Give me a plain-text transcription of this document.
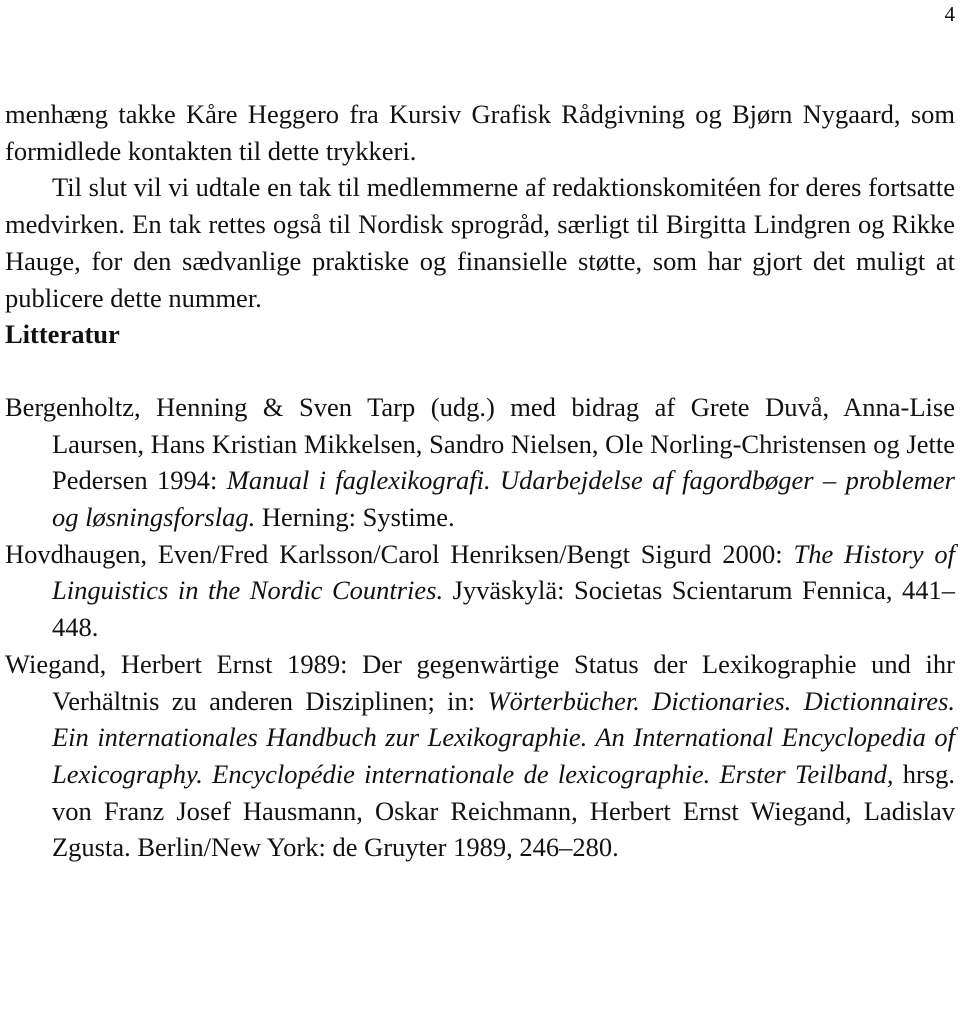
4

menhæng takke Kåre Heggero fra Kursiv Grafisk Rådgivning og Bjørn Nygaard, som formidlede kontakten til dette trykkeri.

Til slut vil vi udtale en tak til medlemmerne af redaktionskomitéen for deres fortsatte medvirken. En tak rettes også til Nordisk sprogråd, særligt til Birgitta Lindgren og Rikke Hauge, for den sædvanlige praktiske og finansielle støtte, som har gjort det muligt at publicere dette nummer.

Litteratur

Bergenholtz, Henning & Sven Tarp (udg.) med bidrag af Grete Duvå, Anna-Lise Laursen, Hans Kristian Mikkelsen, Sandro Nielsen, Ole Norling-Christensen og Jette Pedersen 1994: Manual i faglexikografi. Udarbejdelse af fagordbøger – problemer og løsningsforslag. Herning: Systime.

Hovdhaugen, Even/Fred Karlsson/Carol Henriksen/Bengt Sigurd 2000: The History of Linguistics in the Nordic Countries. Jyväskylä: Societas Scientarum Fennica, 441–448.

Wiegand, Herbert Ernst 1989: Der gegenwärtige Status der Lexikographie und ihr Verhältnis zu anderen Disziplinen; in: Wörterbücher. Dictionaries. Dictionnaires. Ein internationales Handbuch zur Lexikographie. An International Encyclopedia of Lexicography. Encyclopédie internationale de lexicographie. Erster Teilband, hrsg. von Franz Josef Hausmann, Oskar Reichmann, Herbert Ernst Wiegand, Ladislav Zgusta. Berlin/New York: de Gruyter 1989, 246–280.
